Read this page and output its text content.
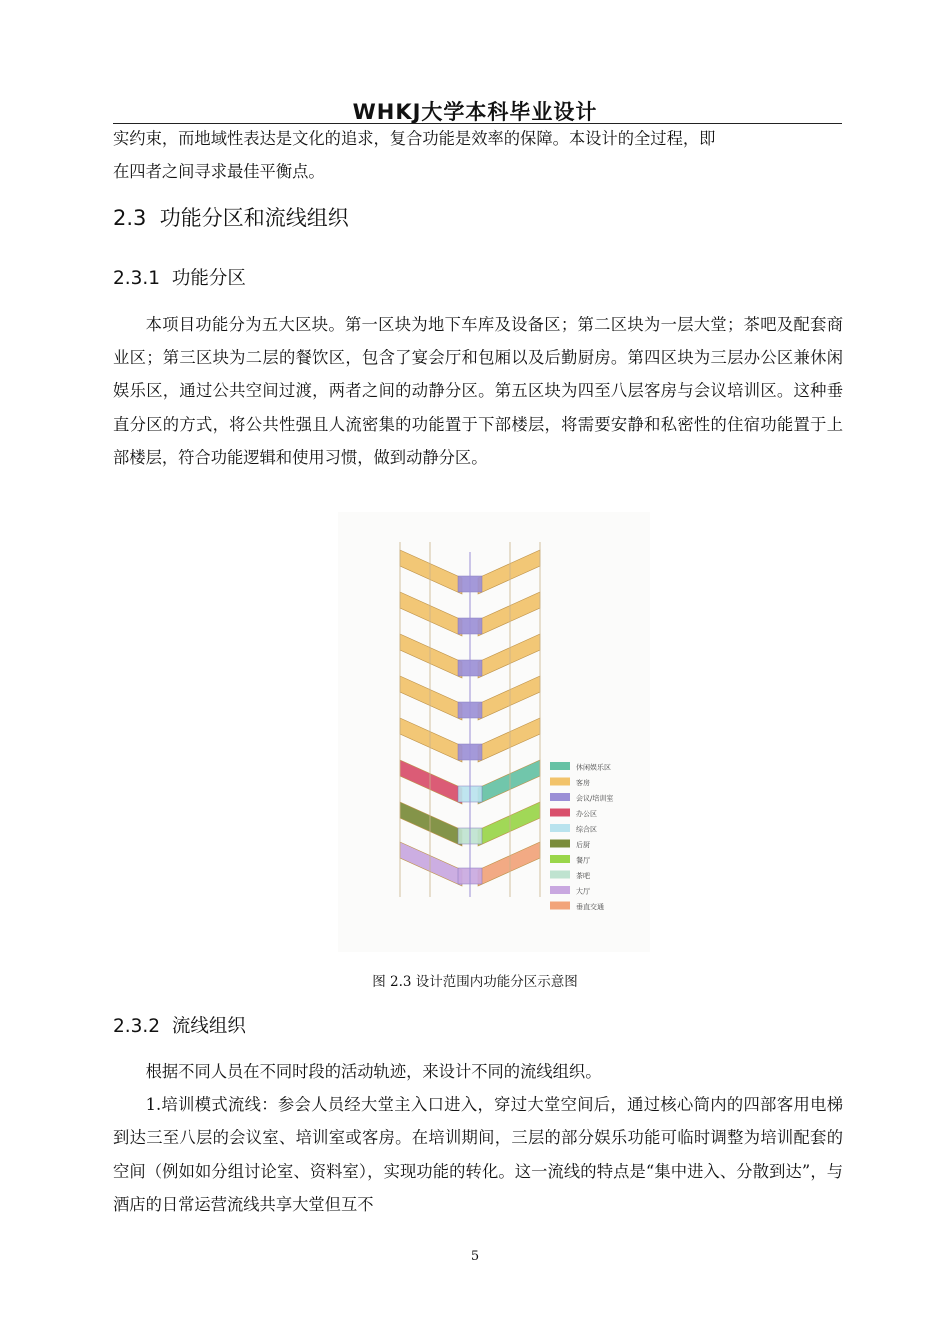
WHKJ大学本科毕业设计

实约束，而地域性表达是文化的追求，复合功能是效率的保障。本设计的全过程，即

在四者之间寻求最佳平衡点。

2.3 功能分区和流线组织
2.3.1 功能分区

本项目功能分为五大区块。第一区块为地下车库及设备区；第二区块为一层大堂；茶吧及配套商业区；第三区块为二层的餐饮区，包含了宴会厅和包厢以及后勤厨房。第四区块为三层办公区兼休闲娱乐区，通过公共空间过渡，两者之间的动静分区。第五区块为四至八层客房与会议培训区。这种垂直分区的方式，将公共性强且人流密集的功能置于下部楼层，将需要安静和私密性的住宿功能置于上部楼层，符合功能逻辑和使用习惯，做到动静分区。

休闲娱乐区
客房
会议/培训室
办公区
综合区
后厨
餐厅
茶吧
大厅
垂直交通
图 2.3 设计范围内功能分区示意图
2.3.2 流线组织

根据不同人员在不同时段的活动轨迹，来设计不同的流线组织。

1.培训模式流线：参会人员经大堂主入口进入，穿过大堂空间后，通过核心筒内的四部客用电梯到达三至八层的会议室、培训室或客房。在培训期间，三层的部分娱乐功能可临时调整为培训配套的空间（例如如分组讨论室、资料室），实现功能的转化。这一流线的特点是“集中进入、分散到达”，与酒店的日常运营流线共享大堂但互不

5
